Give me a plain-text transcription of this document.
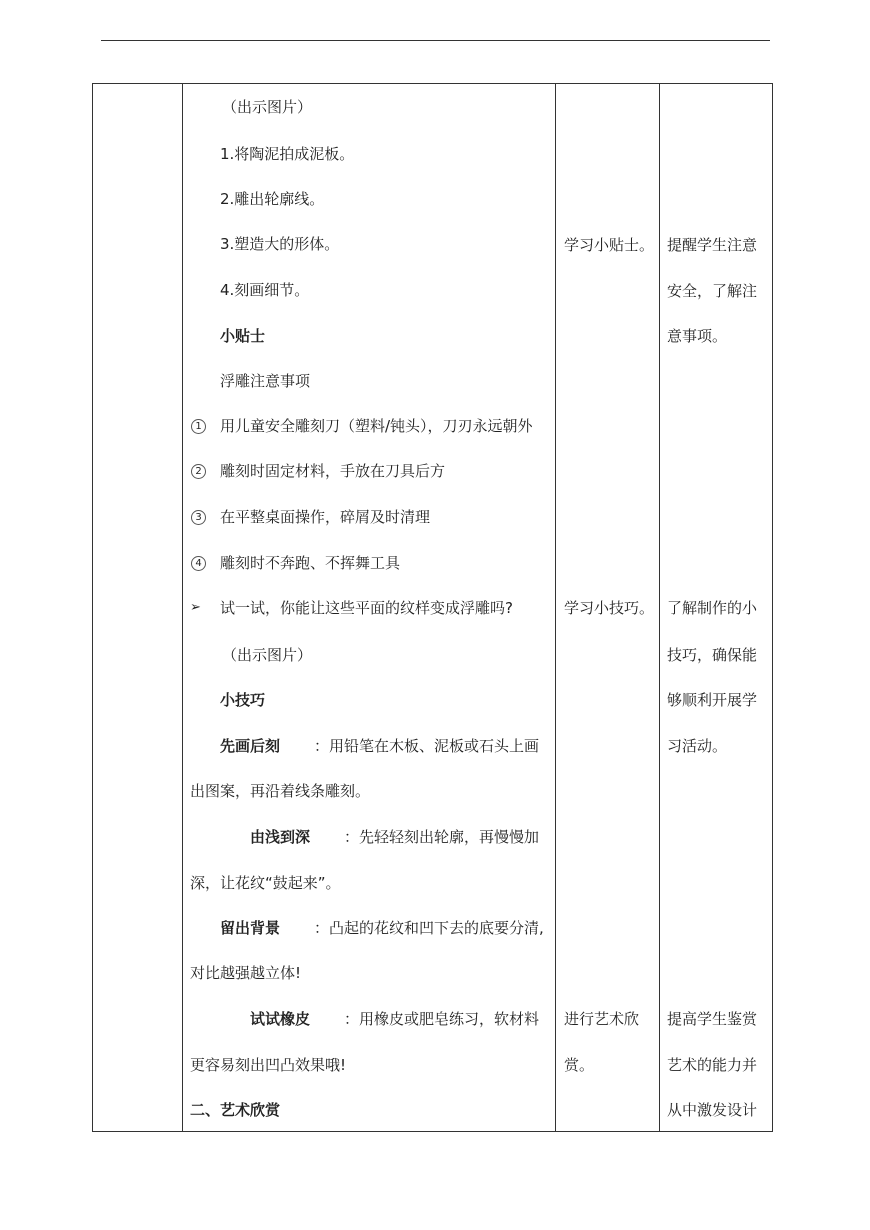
（出示图片）
1.将陶泥拍成泥板。
2.雕出轮廓线。
3.塑造大的形体。
4.刻画细节。
小贴士
浮雕注意事项
1 用儿童安全雕刻刀（塑料/钝头），刀刃永远朝外
2 雕刻时固定材料，手放在刀具后方
3 在平整桌面操作，碎屑及时清理
4 雕刻时不奔跑、不挥舞工具
➢ 试一试，你能让这些平面的纹样变成浮雕吗?
（出示图片）
小技巧
先画后刻 ：用铅笔在木板、泥板或石头上画
出图案，再沿着线条雕刻。
由浅到深 ：先轻轻刻出轮廓，再慢慢加
深，让花纹“鼓起来”。
留出背景 ：凸起的花纹和凹下去的底要分清,
对比越强越立体!
试试橡皮 ：用橡皮或肥皂练习，软材料
更容易刻出凹凸效果哦!
二、艺术欣赏
学习小贴士。
学习小技巧。
进行艺术欣
赏。
提醒学生注意
安全，了解注
意事项。
了解制作的小
技巧，确保能
够顺利开展学
习活动。
提高学生鉴赏
艺术的能力并
从中激发设计
